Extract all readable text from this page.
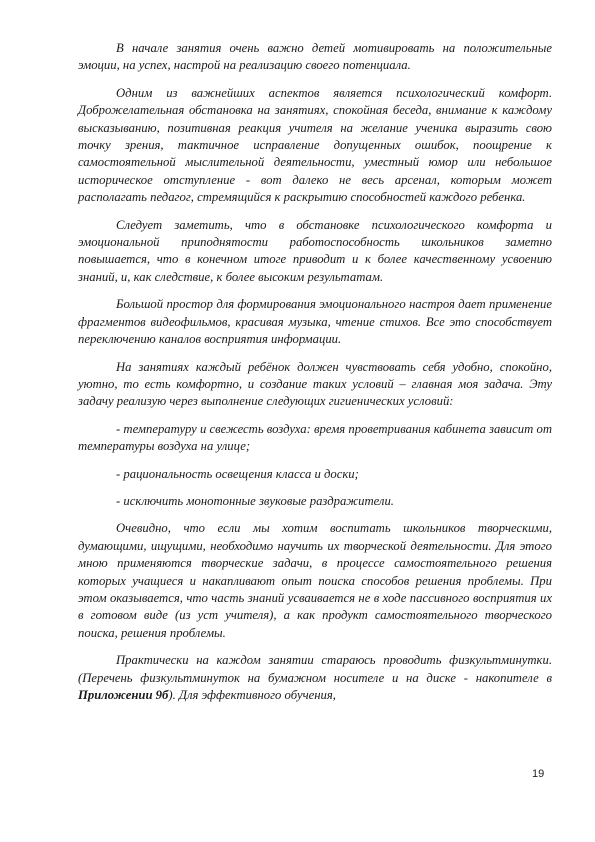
В начале занятия очень важно детей мотивировать на положительные эмоции, на успех, настрой на реализацию своего потенциала.

Одним из важнейших аспектов является психологический комфорт. Доброжелательная обстановка на занятиях, спокойная беседа, внимание к каждому высказыванию, позитивная реакция учителя на желание ученика выразить свою точку зрения, тактичное исправление допущенных ошибок, поощрение к самостоятельной мыслительной деятельности, уместный юмор или небольшое историческое отступление - вот далеко не весь арсенал, которым может располагать педагог, стремящийся к раскрытию способностей каждого ребенка.

Следует заметить, что в обстановке психологического комфорта и эмоциональной приподнятости работоспособность школьников заметно повышается, что в конечном итоге приводит и к более качественному усвоению знаний, и, как следствие, к более высоким результатам.

Большой простор для формирования эмоционального настроя дает применение фрагментов видеофильмов, красивая музыка, чтение стихов. Все это способствует переключению каналов восприятия информации.

На занятиях каждый ребёнок должен чувствовать себя удобно, спокойно, уютно, то есть комфортно, и создание таких условий – главная моя задача. Эту задачу реализую через выполнение следующих гигиенических условий:

- температуру и свежесть воздуха: время проветривания кабинета зависит от температуры воздуха на улице;

- рациональность освещения класса и доски;

- исключить монотонные звуковые раздражители.

Очевидно, что если мы хотим воспитать школьников творческими, думающими, ищущими, необходимо научить их творческой деятельности. Для этого мною применяются творческие задачи, в процессе самостоятельного решения которых учащиеся и накапливают опыт поиска способов решения проблемы. При этом оказывается, что часть знаний усваивается не в ходе пассивного восприятия их в готовом виде (из уст учителя), а как продукт самостоятельного творческого поиска, решения проблемы.

Практически на каждом занятии стараюсь проводить физкультминутки. (Перечень физкультминуток на бумажном носителе и на диске - накопителе в Приложении 9б). Для эффективного обучения,

19
